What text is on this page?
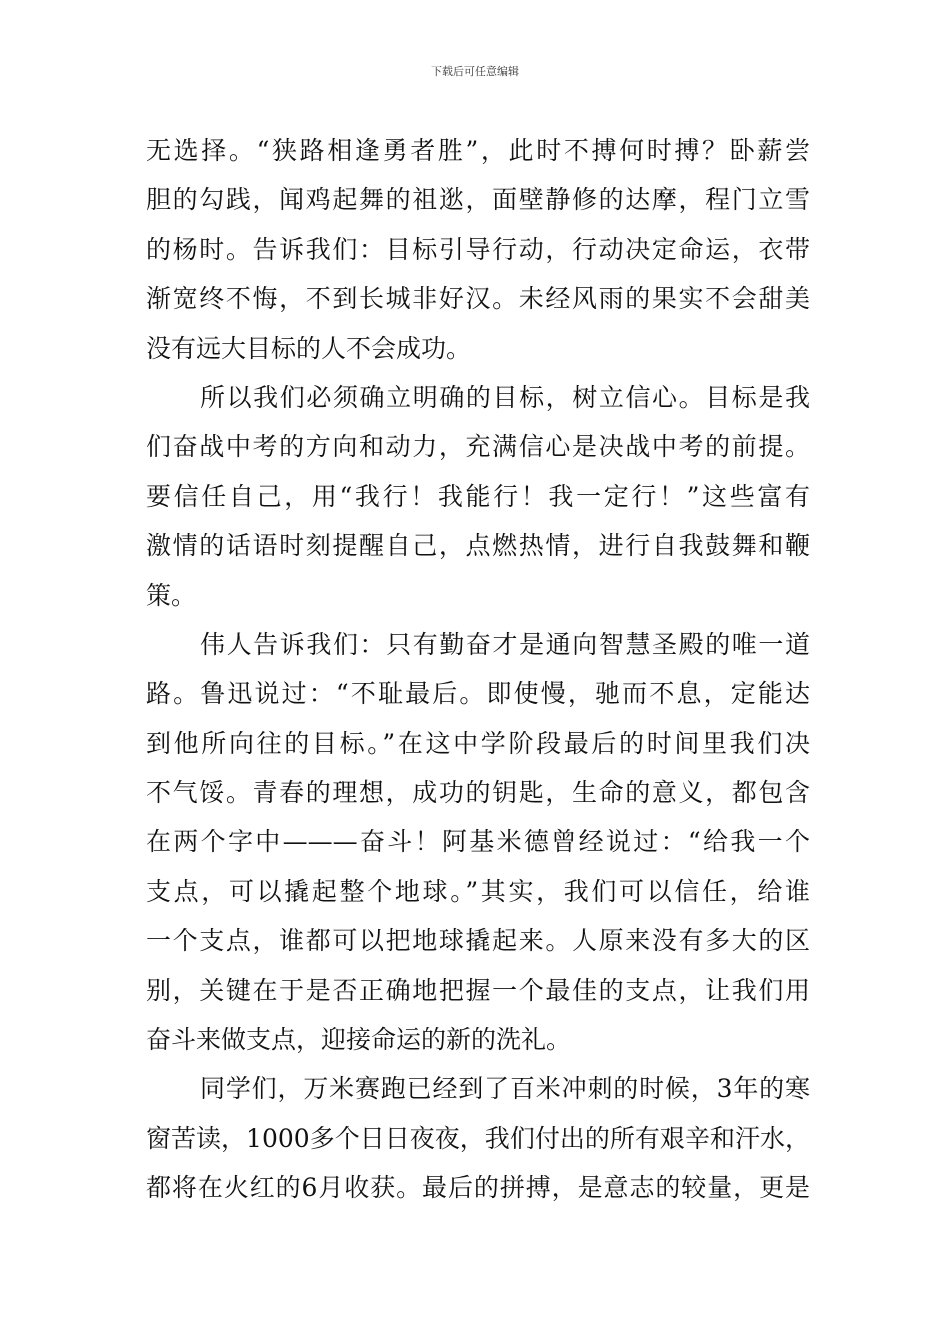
下载后可任意编辑
无选择。“狭路相逢勇者胜”，此时不搏何时搏？卧薪尝
胆的勾践，闻鸡起舞的祖逖，面壁静修的达摩，程门立雪
的杨时。告诉我们：目标引导行动，行动决定命运，衣带
渐宽终不悔，不到长城非好汉。未经风雨的果实不会甜美
没有远大目标的人不会成功。
所以我们必须确立明确的目标，树立信心。目标是我
们奋战中考的方向和动力，充满信心是决战中考的前提。
要信任自己，用“我行！我能行！我一定行！”这些富有
激情的话语时刻提醒自己，点燃热情，进行自我鼓舞和鞭
策。
伟人告诉我们：只有勤奋才是通向智慧圣殿的唯一道
路。鲁迅说过：“不耻最后。即使慢，驰而不息，定能达
到他所向往的目标。”在这中学阶段最后的时间里我们决
不气馁。青春的理想，成功的钥匙，生命的意义，都包含
在两个字中———奋斗！阿基米德曾经说过：“给我一个
支点，可以撬起整个地球。”其实，我们可以信任，给谁
一个支点，谁都可以把地球撬起来。人原来没有多大的区
别，关键在于是否正确地把握一个最佳的支点，让我们用
奋斗来做支点，迎接命运的新的洗礼。
同学们，万米赛跑已经到了百米冲刺的时候，3年的寒
窗苦读，1000多个日日夜夜，我们付出的所有艰辛和汗水，
都将在火红的6月收获。最后的拼搏，是意志的较量，更是
